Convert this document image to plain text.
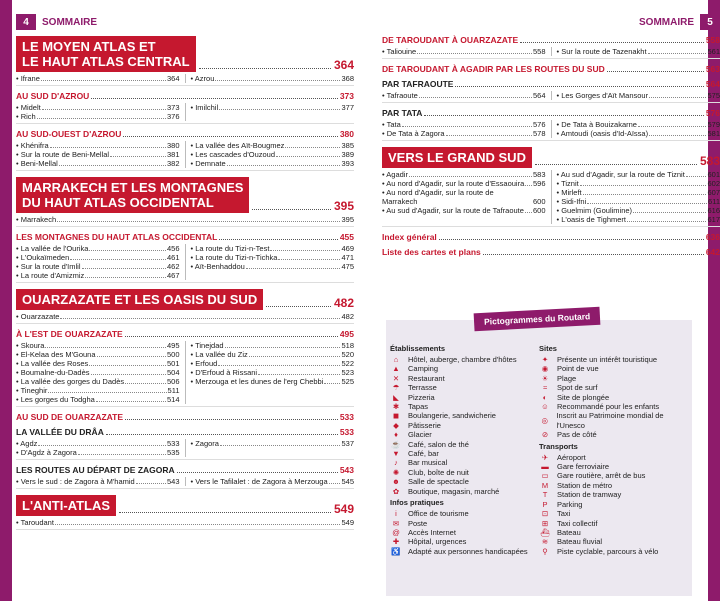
4	SOMMAIRE
LE MOYEN ATLAS ET
LE HAUT ATLAS CENTRAL	364
• Ifrane	364 • Azrou	368
AU SUD D'AZROU	373
• Midelt	373
• Rich	376
• Imilchil	377
AU SUD-OUEST D'AZROU	380
• Khénifra	380
• Sur la route de Beni-Mellal	381
• Beni-Mellal	382
• La vallée des Aït-Bougmez	385
• Les cascades d'Ouzoud	389
• Demnate	393
MARRAKECH ET LES MONTAGNES
DU HAUT ATLAS OCCIDENTAL	395
• Marrakech	395
LES MONTAGNES DU HAUT ATLAS OCCIDENTAL	455
• La vallée de l'Ourika	456
• L'Oukaïmeden	461
• Sur la route d'Imlil	462
• La route d'Amizmiz	467
• La route du Tizi-n-Test	469
• La route du Tizi-n-Tichka	471
• Aït-Benhaddou	475
OUARZAZATE ET LES OASIS DU SUD	482
• Ouarzazate	482
À L'EST DE OUARZAZATE	495
• Skoura	495
• El-Kelaa des M'Gouna	500
• La vallée des Roses	501
• Boumalne-du-Dadès	504
• La vallée des gorges du Dadès	506
• Tineghir	511
• Les gorges du Todgha	514
• Tinejdad	518
• La vallée du Ziz	520
• Erfoud	522
• D'Erfoud à Rissani	523
• Merzouga et les dunes de l'erg Chebbi 525
AU SUD DE OUARZAZATE	533
LA VALLÉE DU DRÂA	533
• Agdz	533
• D'Agdz à Zagora	535
• Zagora	537
LES ROUTES AU DÉPART DE ZAGORA	543
• Vers le sud : de Zagora à M'hamid	543 • Vers le Tafilalet : de Zagora à Merzouga 545
L'ANTI-ATLAS	549
• Taroudant	549
SOMMAIRE	5
DE TAROUDANT À OUARZAZATE	558
• Taliouine	558 • Sur la route de Tazenakht	561
DE TAROUDANT À AGADIR PAR LES ROUTES DU SUD	563
PAR TAFRAOUTE	564
• Tafraoute	564 • Les Gorges d'Aït Mansour	575
PAR TATA	576
• Tata	576
• De Tata à Zagora	578
• De Tata à Bouizakarne	579
• Amtoudi (oasis d'Id-Aïssa)	581
VERS LE GRAND SUD	583
• Agadir	583
• Au nord d'Agadir, sur la route d'Essaouira 596
• Au nord d'Agadir, sur la route de Marrakech	600
• Au sud d'Agadir, sur la route de Tafraoute 600
• Au sud d'Agadir, sur la route de Tiznit	601
• Tiznit	602
• Mirleft	607
• Sidi-Ifni	611
• Guelmim (Goulimine)	616
• L'oasis de Tighmert	617
Index général	636
Liste des cartes et plans	642
Pictogrammes du Routard
Établissements
⌂	Hôtel, auberge, chambre d'hôtes
▲	Camping
✕	Restaurant
☂	Terrasse
◣	Pizzeria
✱	Tapas
◼	Boulangerie, sandwicherie
◆	Pâtisserie
♦	Glacier
☕ Café, salon de thé
▼	Café, bar
♪	Bar musical
✺	Club, boîte de nuit
☻ Salle de spectacle
✿	Boutique, magasin, marché
Infos pratiques
i	Office de tourisme
✉	Poste
@ Accès Internet
✚	Hôpital, urgences
♿ Adapté aux personnes handicapées
Sites
✦	Présente un intérêt touristique
◉	Point de vue
☀	Plage
≈	Spot de surf
◐	Site de plongée
☺ Recommandé pour les enfants
◎
Inscrit au Patrimoine mondial de l'Unesco
⊘	Pas de côté
Transports
✈	Aéroport
▬	Gare ferroviaire
▭	Gare routière, arrêt de bus
M	Station de métro
T	Station de tramway
P	Parking
⊡	Taxi
⊞	Taxi collectif
⛴ Bateau
≋	Bateau fluvial
⚲	Piste cyclable, parcours à vélo
